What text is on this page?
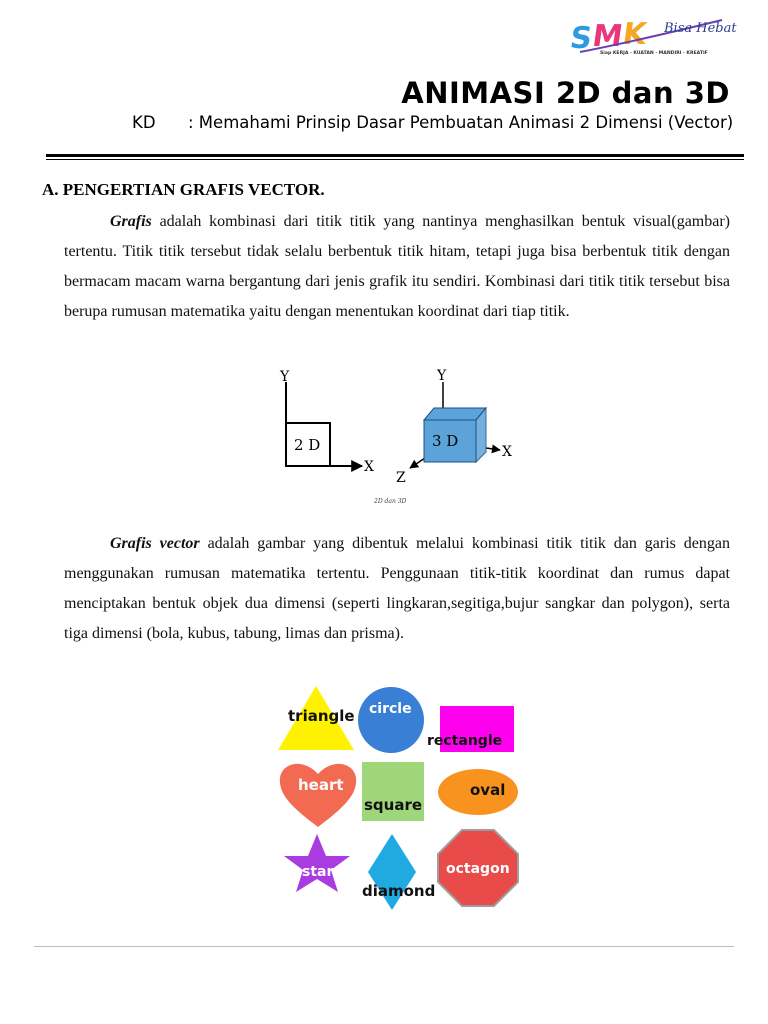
S
M
K Bisa Hebat
Siap KERJA · KUATAN · MANDIRI · KREATIF
ANIMASI 2D dan 3D
KD : Memahami Prinsip Dasar Pembuatan Animasi 2 Dimensi (Vector)
A. PENGERTIAN GRAFIS VECTOR.
Grafis adalah kombinasi dari titik titik yang nantinya menghasilkan bentuk visual(gambar) tertentu. Titik titik tersebut tidak selalu berbentuk titik hitam, tetapi juga bisa berbentuk titik dengan bermacam macam warna bergantung dari jenis grafik itu sendiri. Kombinasi dari titik titik tersebut bisa berupa rumusan matematika yaitu dengan menentukan koordinat dari tiap titik.
Y
X
2 D
Y
X
Z
3 D
2D dan 3D
Grafis vector adalah gambar yang dibentuk melalui kombinasi titik titik dan garis dengan menggunakan rumusan matematika tertentu. Penggunaan titik-titik koordinat dan rumus dapat menciptakan bentuk objek dua dimensi (seperti lingkaran,segitiga,bujur sangkar dan polygon), serta tiga dimensi (bola, kubus, tabung, limas dan prisma).
triangle circle
rectangle
heart
square
oval
star
diamond
octagon
